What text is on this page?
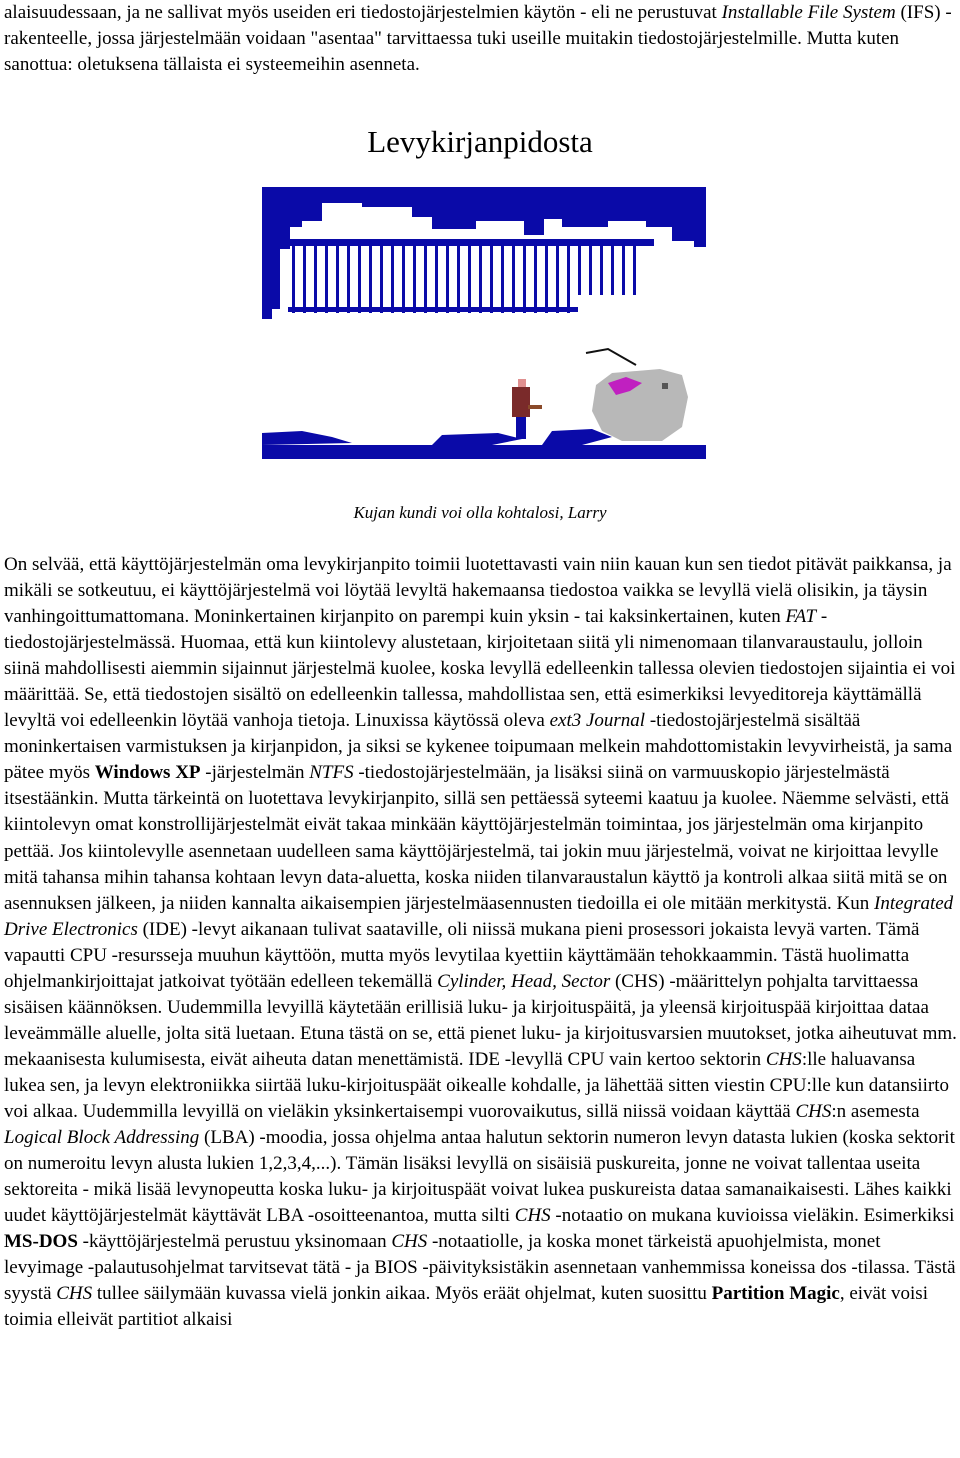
alaisuudessaan, ja ne sallivat myös useiden eri tiedostojärjestelmien käytön - eli ne perustuvat Installable File System (IFS) -rakenteelle, jossa järjestelmään voidaan "asentaa" tarvittaessa tuki useille muitakin tiedostojärjestelmille. Mutta kuten sanottua: oletuksena tällaista ei systeemeihin asenneta.

Levykirjanpidosta
Kujan kundi voi olla kohtalosi, Larry

On selvää, että käyttöjärjestelmän oma levykirjanpito toimii luotettavasti vain niin kauan kun sen tiedot pitävät paikkansa, ja mikäli se sotkeutuu, ei käyttöjärjestelmä voi löytää levyltä hakemaansa tiedostoa vaikka se levyllä vielä olisikin, ja täysin vanhingoittumattomana. Moninkertainen kirjanpito on parempi kuin yksin - tai kaksinkertainen, kuten FAT -tiedostojärjestelmässä. Huomaa, että kun kiintolevy alustetaan, kirjoitetaan siitä yli nimenomaan tilanvaraustaulu, jolloin siinä mahdollisesti aiemmin sijainnut järjestelmä kuolee, koska levyllä edelleenkin tallessa olevien tiedostojen sijaintia ei voi määrittää. Se, että tiedostojen sisältö on edelleenkin tallessa, mahdollistaa sen, että esimerkiksi levyeditoreja käyttämällä levyltä voi edelleenkin löytää vanhoja tietoja. Linuxissa käytössä oleva ext3 Journal -tiedostojärjestelmä sisältää moninkertaisen varmistuksen ja kirjanpidon, ja siksi se kykenee toipumaan melkein mahdottomistakin levyvirheistä, ja sama pätee myös Windows XP -järjestelmän NTFS -tiedostojärjestelmään, ja lisäksi siinä on varmuuskopio järjestelmästä itsestäänkin. Mutta tärkeintä on luotettava levykirjanpito, sillä sen pettäessä syteemi kaatuu ja kuolee. Näemme selvästi, että kiintolevyn omat konstrollijärjestelmät eivät takaa minkään käyttöjärjestelmän toimintaa, jos järjestelmän oma kirjanpito pettää. Jos kiintolevylle asennetaan uudelleen sama käyttöjärjestelmä, tai jokin muu järjestelmä, voivat ne kirjoittaa levylle mitä tahansa mihin tahansa kohtaan levyn data-aluetta, koska niiden tilanvaraustalun käyttö ja kontroli alkaa siitä mitä se on asennuksen jälkeen, ja niiden kannalta aikaisempien järjestelmäasennusten tiedoilla ei ole mitään merkitystä. Kun Integrated Drive Electronics (IDE) -levyt aikanaan tulivat saataville, oli niissä mukana pieni prosessori jokaista levyä varten. Tämä vapautti CPU -resursseja muuhun käyttöön, mutta myös levytilaa kyettiin käyttämään tehokkaammin. Tästä huolimatta ohjelmankirjoittajat jatkoivat työtään edelleen tekemällä Cylinder, Head, Sector (CHS) -määrittelyn pohjalta tarvittaessa sisäisen käännöksen. Uudemmilla levyillä käytetään erillisiä luku- ja kirjoituspäitä, ja yleensä kirjoituspää kirjoittaa dataa leveämmälle aluelle, jolta sitä luetaan. Etuna tästä on se, että pienet luku- ja kirjoitusvarsien muutokset, jotka aiheutuvat mm. mekaanisesta kulumisesta, eivät aiheuta datan menettämistä. IDE -levyllä CPU vain kertoo sektorin CHS:lle haluavansa lukea sen, ja levyn elektroniikka siirtää luku-kirjoituspäät oikealle kohdalle, ja lähettää sitten viestin CPU:lle kun datansiirto voi alkaa. Uudemmilla levyillä on vieläkin yksinkertaisempi vuorovaikutus, sillä niissä voidaan käyttää CHS:n asemesta Logical Block Addressing (LBA) -moodia, jossa ohjelma antaa halutun sektorin numeron levyn datasta lukien (koska sektorit on numeroitu levyn alusta lukien 1,2,3,4,...). Tämän lisäksi levyllä on sisäisiä puskureita, jonne ne voivat tallentaa useita sektoreita - mikä lisää levynopeutta koska luku- ja kirjoituspäät voivat lukea puskureista dataa samanaikaisesti. Lähes kaikki uudet käyttöjärjestelmät käyttävät LBA -osoitteenantoa, mutta silti CHS -notaatio on mukana kuvioissa vieläkin. Esimerkiksi MS-DOS -käyttöjärjestelmä perustuu yksinomaan CHS -notaatiolle, ja koska monet tärkeistä apuohjelmista, monet levyimage -palautusohjelmat tarvitsevat tätä - ja BIOS -päivityksistäkin asennetaan vanhemmissa koneissa dos -tilassa. Tästä syystä CHS tullee säilymään kuvassa vielä jonkin aikaa. Myös eräät ohjelmat, kuten suosittu Partition Magic, eivät voisi toimia elleivät partitiot alkaisi
